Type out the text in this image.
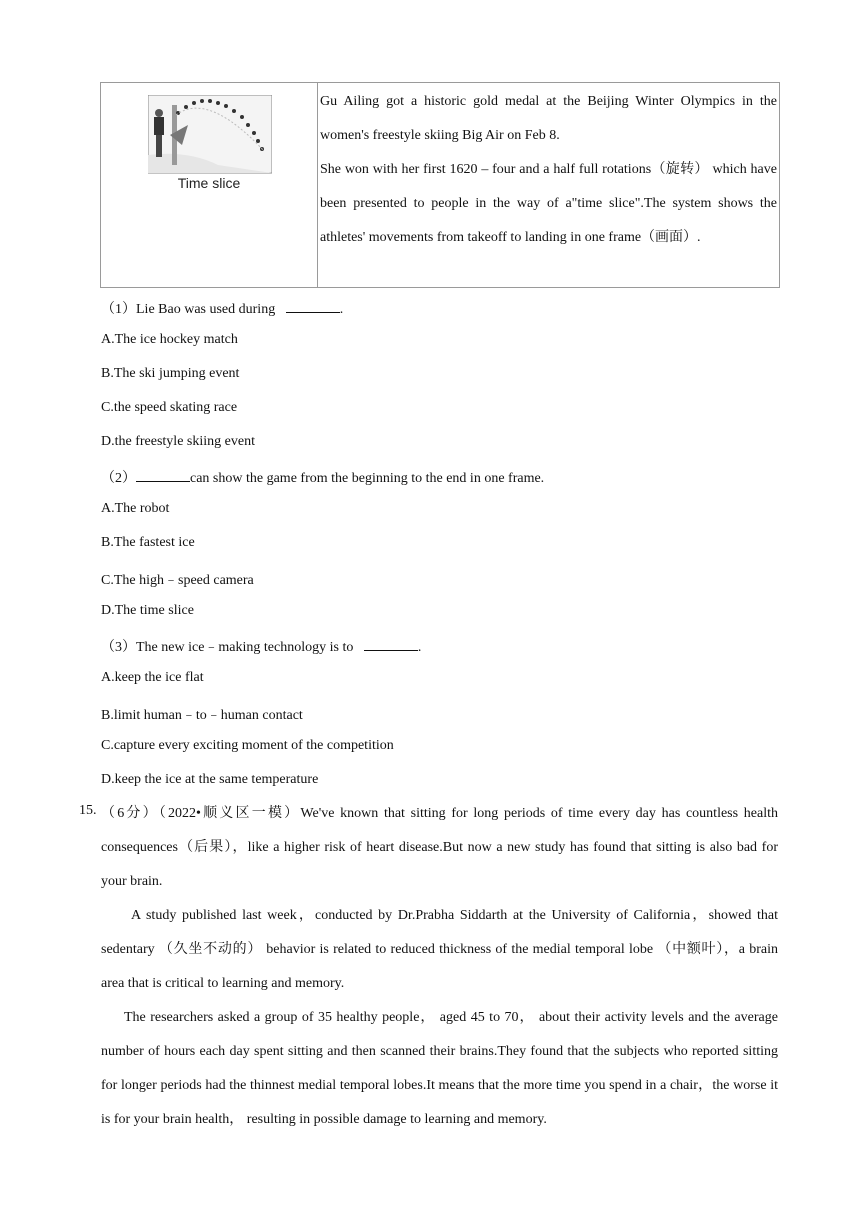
Time slice

Gu Ailing got a historic gold medal at the Beijing Winter Olympics in the women's freestyle skiing Big Air on Feb 8.

She won with her first 1620 – four and a half full rotations（旋转） which have been presented to people in the way of a"time slice".The system shows the athletes' movements from takeoff to landing in one frame（画面）.

（1）Lie Bao was used during	.
A.The ice hockey match
B.The ski jumping event
C.the speed skating race
D.the freestyle skiing event
（2）	can show the game from the beginning to the end in one frame.
A.The robot
B.The fastest ice
C.The high﹣speed camera
D.The time slice
（3）The new ice﹣making technology is to	.
A.keep the ice flat
B.limit human﹣to﹣human contact
C.capture every exciting moment of the competition
D.keep the ice at the same temperature
15. （6分）（2022•顺义区一模）We've known that sitting for long periods of time every day has countless health consequences（后果），like a higher risk of heart disease.But now a new study has found that sitting is also bad for your brain.

A study published last week，conducted by Dr.Prabha Siddarth at the University of California，showed that sedentary （久坐不动的） behavior is related to reduced thickness of the medial temporal lobe （中额叶），a brain area that is critical to learning and memory.

The researchers asked a group of 35 healthy people， aged 45 to 70， about their activity levels and the average number of hours each day spent sitting and then scanned their brains.They found that the subjects who reported sitting for longer periods had the thinnest medial temporal lobes.It means that the more time you spend in a chair，the worse it is for your brain health， resulting in possible damage to learning and memory.
